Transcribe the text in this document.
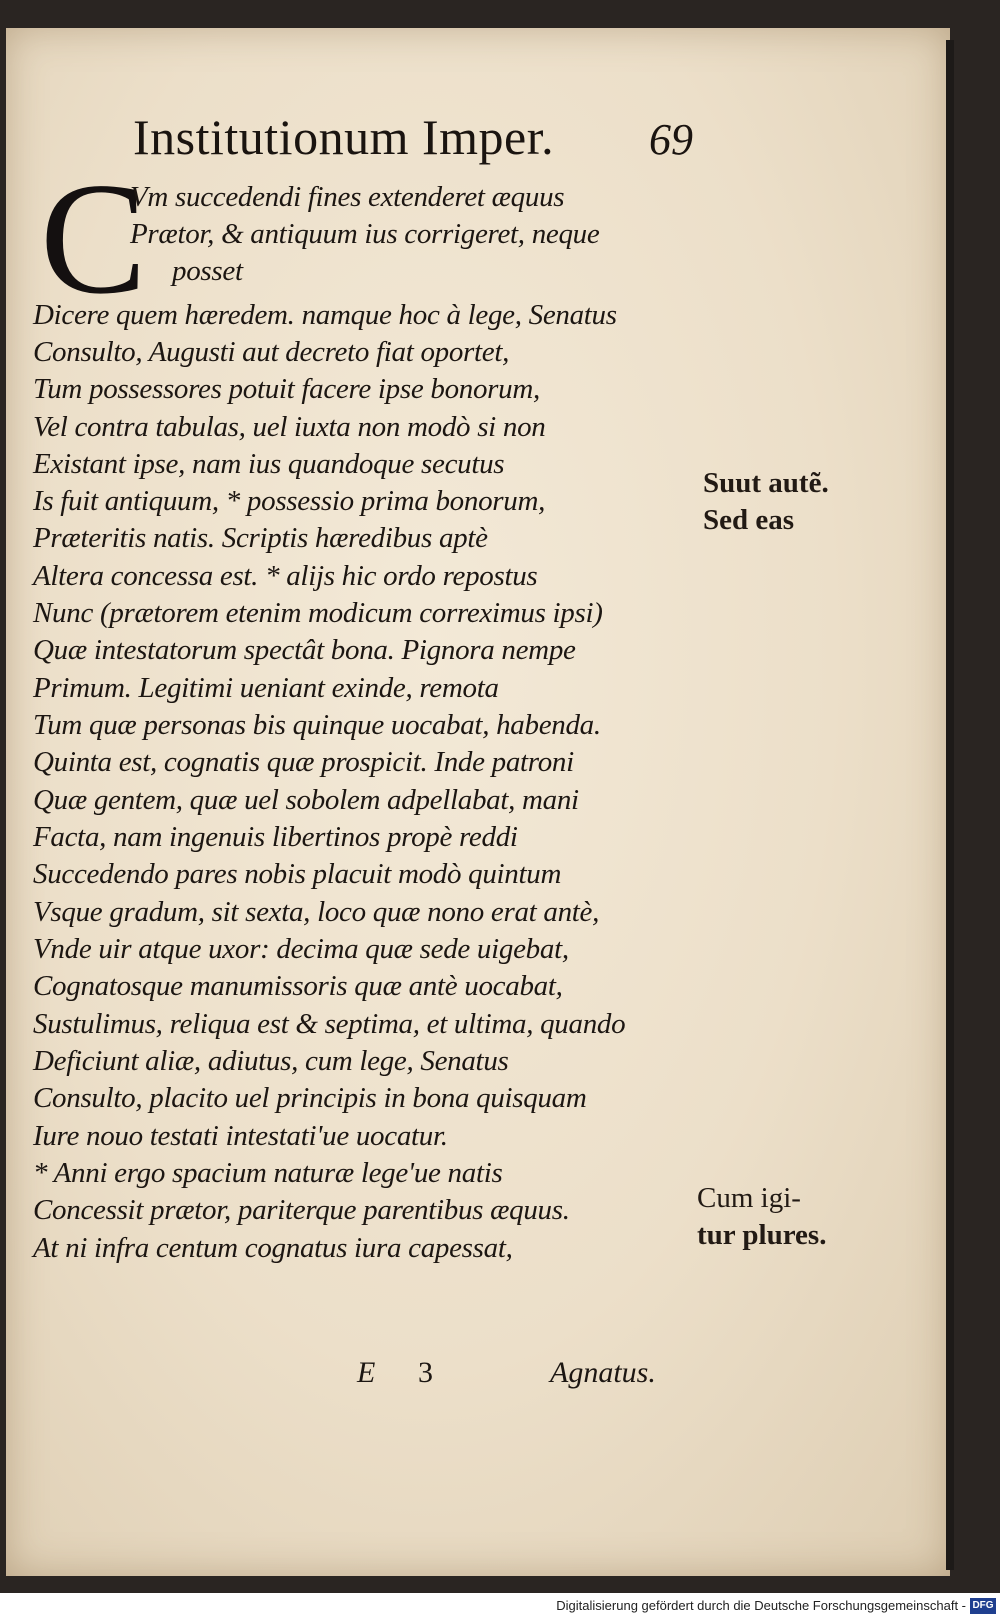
Institutionum Imper. 69
C
Vm succedendi fines extenderet æquus
Prætor, & antiquum ius corrigeret, neque
posset
Dicere quem hæredem. namque hoc à lege, Senatus
Consulto, Augusti aut decreto fiat oportet,
Tum possessores potuit facere ipse bonorum,
Vel contra tabulas, uel iuxta non modò si non
Existant ipse, nam ius quandoque secutus
Is fuit antiquum, * possessio prima bonorum,
Præteritis natis. Scriptis hæredibus aptè
Altera concessa est. * alijs hic ordo repostus
Nunc (prætorem etenim modicum correximus ipsi)
Quæ intestatorum spectât bona. Pignora nempe
Primum. Legitimi ueniant exinde, remota
Tum quæ personas bis quinque uocabat, habenda.
Quinta est, cognatis quæ prospicit. Inde patroni
Quæ gentem, quæ uel sobolem adpellabat, mani
Facta, nam ingenuis libertinos propè reddi
Succedendo pares nobis placuit modò quintum
Vsque gradum, sit sexta, loco quæ nono erat antè,
Vnde uir atque uxor: decima quæ sede uigebat,
Cognatosque manumissoris quæ antè uocabat,
Sustulimus, reliqua est & septima, et ultima, quando
Deficiunt aliæ, adiutus, cum lege, Senatus
Consulto, placito uel principis in bona quisquam
Iure nouo testati intestati'ue uocatur.
* Anni ergo spacium naturæ lege'ue natis
Concessit prætor, pariterque parentibus æquus.
At ni infra centum cognatus iura capessat,
Suut autẽ.
Sed eas
Cum igi-
tur plures.
E 3	Agnatus.
Digitalisierung gefördert durch die Deutsche Forschungsgemeinschaft - DFG
